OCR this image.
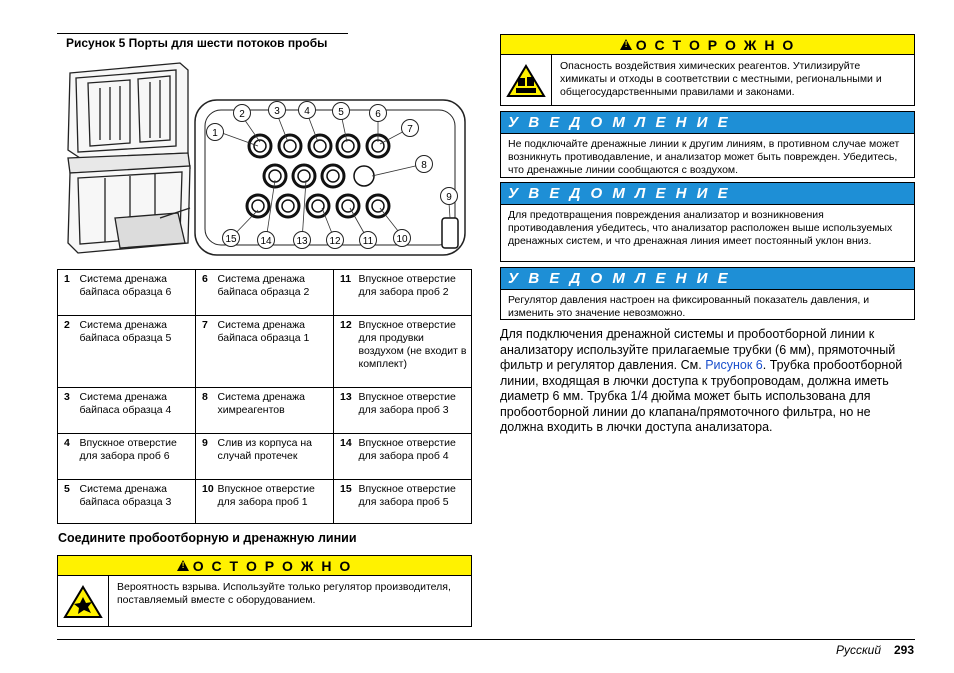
Рисунок 5 Порты для шести потоков пробы
1
2	3 4	5	6
7
8
9
10
11
12
13
14
15
1	Система дренажа байпаса образца 6	6	Система дренажа байпаса образца 2	11	Впускное отверстие для забора проб 2
2	Система дренажа байпаса образца 5	7	Система дренажа байпаса образца 1	12	Впускное отверстие для продувки воздухом (не входит в комплект)
3	Система дренажа байпаса образца 4	8	Система дренажа химреагентов	13	Впускное отверстие для забора проб 3
4	Впускное отверстие для забора проб 6	9	Слив из корпуса на случай протечек	14	Впускное отверстие для забора проб 4
5	Система дренажа байпаса образца 3	10	Впускное отверстие для забора проб 1	15	Впускное отверстие для забора проб 5
Соедините пробоотборную и дренажную линии
!
О С Т О Р О Ж Н О
Вероятность взрыва. Используйте только регулятор производителя, поставляемый вместе с оборудованием.
!
О С Т О Р О Ж Н О
Опасность воздействия химических реагентов. Утилизируйте химикаты и отходы в соответствии с местными, региональными и общегосударственными правилами и законами.
У В Е Д О М Л Е Н И Е
Не подключайте дренажные линии к другим линиям, в противном случае может возникнуть противодавление, и анализатор может быть поврежден. Убедитесь, что дренажные линии сообщаются с воздухом.
У В Е Д О М Л Е Н И Е
Для предотвращения повреждения анализатор и возникновения противодавления убедитесь, что анализатор расположен выше используемых дренажных систем, и что дренажная линия имеет постоянный уклон вниз.
У В Е Д О М Л Е Н И Е
Регулятор давления настроен на фиксированный показатель давления, и изменить это значение невозможно.
Для подключения дренажной системы и пробоотборной линии к анализатору используйте прилагаемые трубки (6 мм), прямоточный фильтр и регулятор давления. См. Рисунок 6. Трубка пробоотборной линии, входящая в лючки доступа к трубопроводам, должна иметь диаметр 6 мм. Трубка 1/4 дюйма может быть использована для пробоотборной линии до клапана/прямоточного фильтра, но не должна входить в лючки доступа анализатора.
Русский 293
